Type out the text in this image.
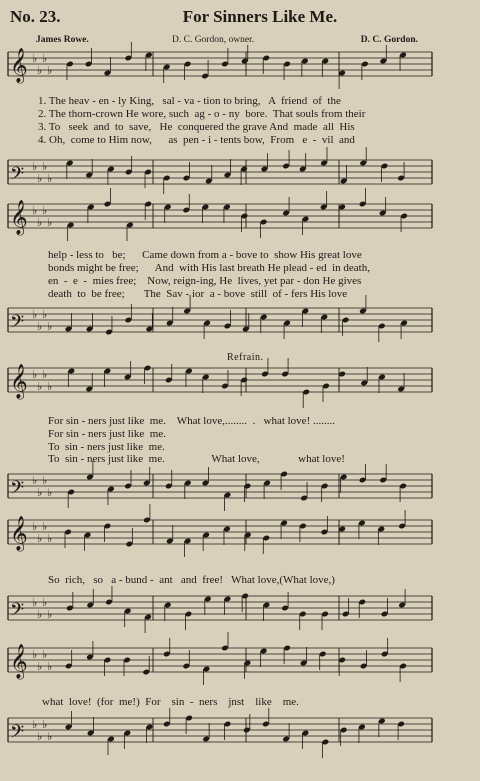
No. 23.	For Sinners Like Me.
James Rowe.	D. C. Gordon, owner.	D. C. Gordon.
𝄞 ♭
♭
♭
♭
𝄢 ♭
♭
♭
♭
𝄞 ♭
♭
♭
♭
𝄢 ♭
♭
♭
♭
𝄞 ♭
♭
♭
♭
𝄢 ♭
♭
♭
♭
𝄞 ♭
♭
♭
♭
𝄢 ♭
♭
♭
♭
𝄞 ♭
♭
♭
♭
𝄢 ♭
♭
♭
♭
1. The heav - en - ly King,   sal - va - tion to bring,   A  friend  of  the
2. The thorn-crown He wore, such  ag - o - ny  bore.  That souls from their
3. To   seek  and  to  save,   He  conquered the grave And  made  all  His
4. Oh,  come to Him now,      as  pen - i - tents bow,  From   e  -  vil  and
help - less to   be;      Came down from a - bove to  show His great love
bonds might be free;      And  with His last breath He plead - ed  in death,
en  -  e  -  mies free;    Now, reign-ing, He  lives, yet par - don He gives
death  to  be free;       The  Sav - ior  a - bove  still  of - fers His love
Refrain.
For sin - ners just like  me.    What love,........  .   what love! ........
For sin - ners just like  me.
To  sin - ners just like  me.
To  sin - ners just like  me.                 What love,              what love!
So  rich,   so   a - bund -  ant   and  free!   What love,(What love,)
what  love!  (for  me!)  For    sin  -  ners    jnst    like    me.
